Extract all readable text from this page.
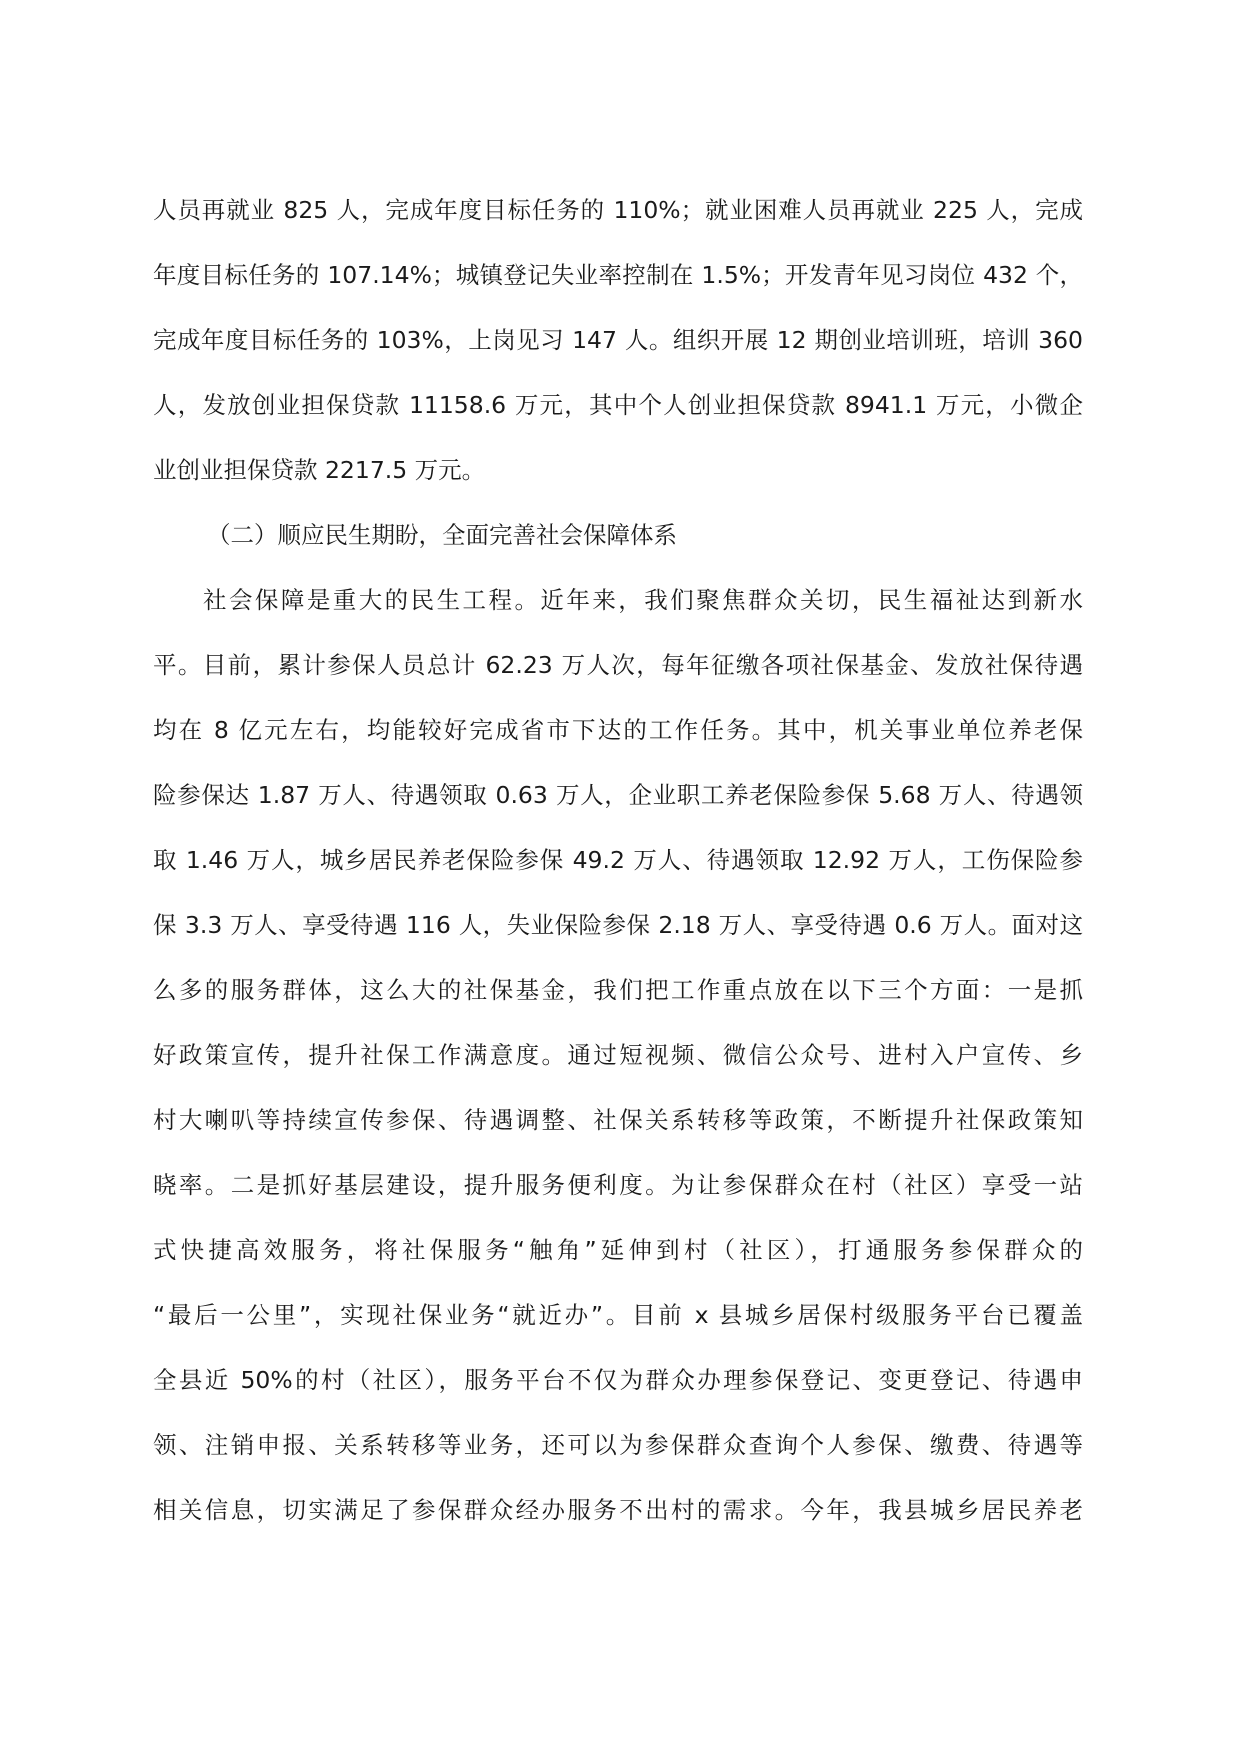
人员再就业 825 人，完成年度目标任务的 110%；就业困难人员再就业 225 人，完成
年度目标任务的 107.14%；城镇登记失业率控制在 1.5%；开发青年见习岗位 432 个，
完成年度目标任务的 103%，上岗见习 147 人。组织开展 12 期创业培训班，培训 360
人，发放创业担保贷款 11158.6 万元，其中个人创业担保贷款 8941.1 万元，小微企
业创业担保贷款 2217.5 万元。
（二）顺应民生期盼，全面完善社会保障体系
社会保障是重大的民生工程。近年来，我们聚焦群众关切，民生福祉达到新水
平。目前，累计参保人员总计 62.23 万人次，每年征缴各项社保基金、发放社保待遇
均在 8 亿元左右，均能较好完成省市下达的工作任务。其中，机关事业单位养老保
险参保达 1.87 万人、待遇领取 0.63 万人，企业职工养老保险参保 5.68 万人、待遇领
取 1.46 万人，城乡居民养老保险参保 49.2 万人、待遇领取 12.92 万人，工伤保险参
保 3.3 万人、享受待遇 116 人，失业保险参保 2.18 万人、享受待遇 0.6 万人。面对这
么多的服务群体，这么大的社保基金，我们把工作重点放在以下三个方面：一是抓
好政策宣传，提升社保工作满意度。通过短视频、微信公众号、进村入户宣传、乡
村大喇叭等持续宣传参保、待遇调整、社保关系转移等政策，不断提升社保政策知
晓率。二是抓好基层建设，提升服务便利度。为让参保群众在村（社区）享受一站
式快捷高效服务，将社保服务“触角”延伸到村（社区），打通服务参保群众的
“最后一公里”，实现社保业务“就近办”。目前 x 县城乡居保村级服务平台已覆盖
全县近 50%的村（社区），服务平台不仅为群众办理参保登记、变更登记、待遇申
领、注销申报、关系转移等业务，还可以为参保群众查询个人参保、缴费、待遇等
相关信息，切实满足了参保群众经办服务不出村的需求。今年，我县城乡居民养老
